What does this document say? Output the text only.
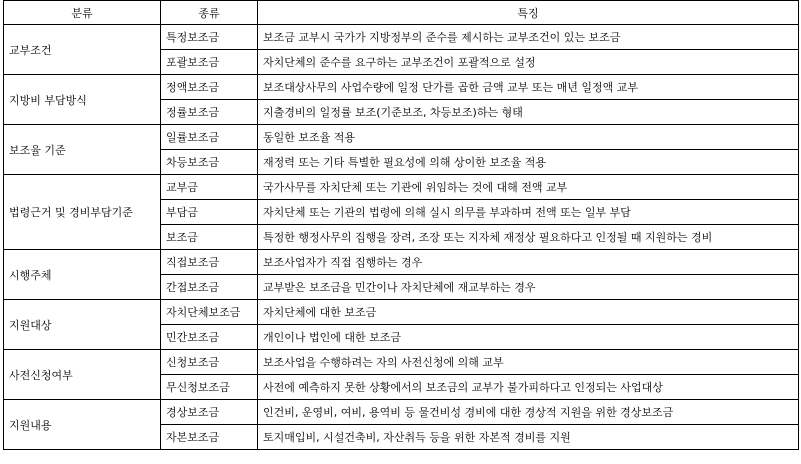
분류	종류	특징
교부조건	특정보조금	보조금 교부시 국가가 지방정부의 준수를 제시하는 교부조건이 있는 보조금
	포괄보조금	자치단체의 준수를 요구하는 교부조건이 포괄적으로 설정
지방비 부담방식	정액보조금	보조대상사무의 사업수량에 일정 단가를 곱한 금액 교부 또는 매년 일정액 교부
	정률보조금	지출경비의 일정률 보조(기준보조, 차등보조)하는 형태
보조율 기준	일률보조금	동일한 보조율 적용
	차등보조금	재정력 또는 기타 특별한 필요성에 의해 상이한 보조율 적용
법령근거 및 경비부담기준	교부금	국가사무를 자치단체 또는 기관에 위임하는 것에 대해 전액 교부
	부담금	자치단체 또는 기관의 법령에 의해 실시 의무를 부과하며 전액 또는 일부 부담
	보조금	특정한 행정사무의 집행을 장려, 조장 또는 지자체 재정상 필요하다고 인정될 때 지원하는 경비
시행주체	직접보조금	보조사업자가 직접 집행하는 경우
	간접보조금	교부받은 보조금을 민간이나 자치단체에 재교부하는 경우
지원대상	자치단체보조금	자치단체에 대한 보조금
	민간보조금	개인이나 법인에 대한 보조금
사전신청여부	신청보조금	보조사업을 수행하려는 자의 사전신청에 의해 교부
	무신청보조금	사전에 예측하지 못한 상황에서의 보조금의 교부가 불가피하다고 인정되는 사업대상
지원내용	경상보조금	인건비, 운영비, 여비, 용역비 등 물건비성 경비에 대한 경상적 지원을 위한 경상보조금
	자본보조금	토지매입비, 시설건축비, 자산취득 등을 위한 자본적 경비를 지원
